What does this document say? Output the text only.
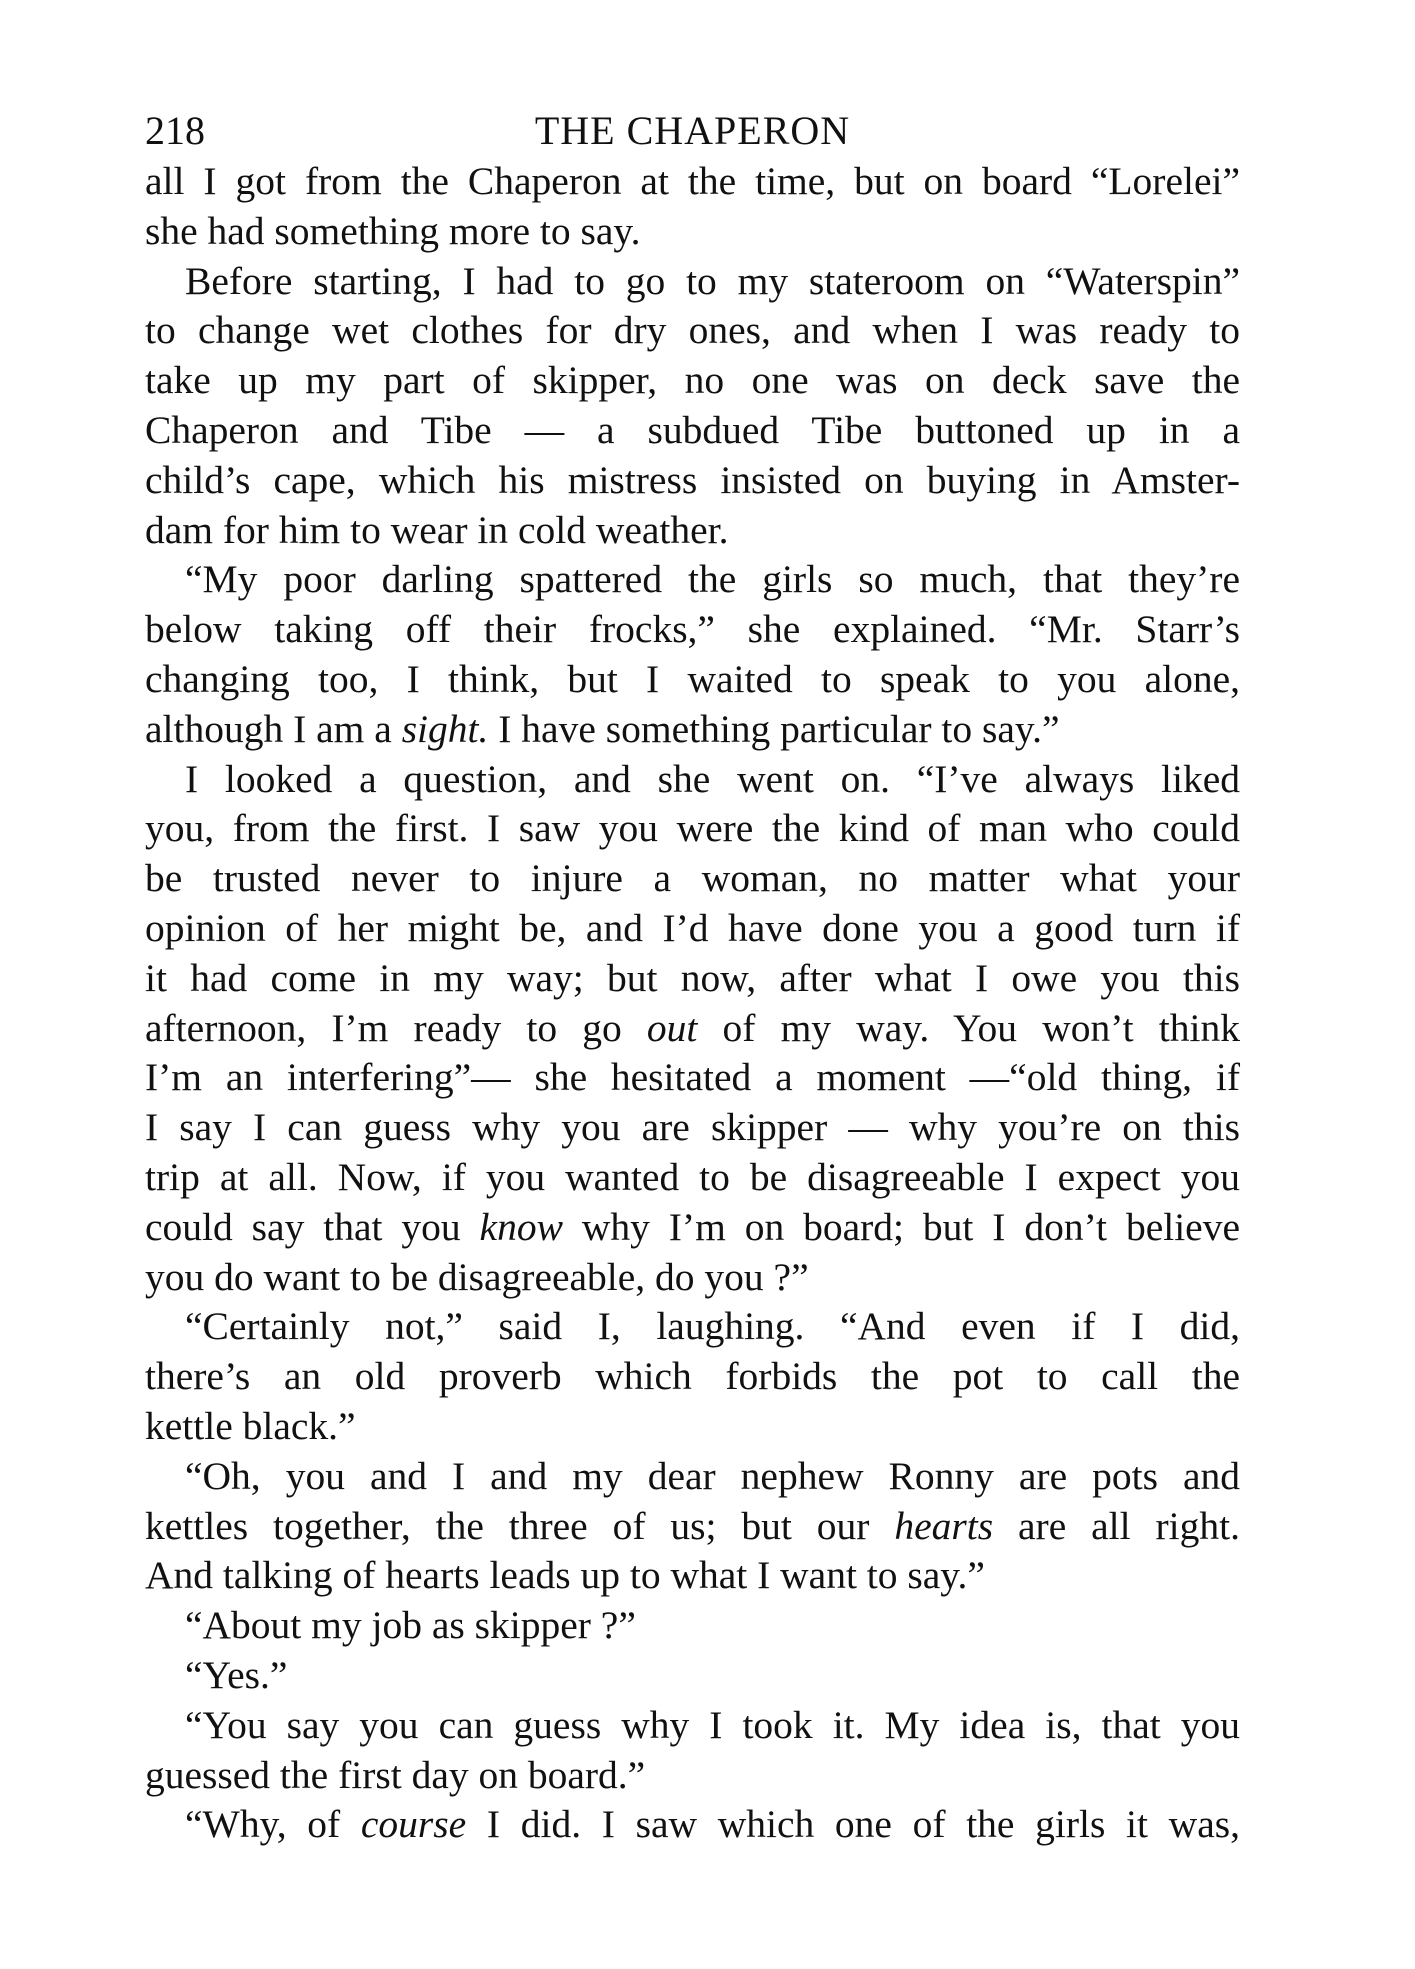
218	THE CHAPERON
all I got from the Chaperon at the time, but on board “Lorelei”
she had something more to say.
Before starting, I had to go to my stateroom on “Waterspin”
to change wet clothes for dry ones, and when I was ready to
take up my part of skipper, no one was on deck save the
Chaperon and Tibe — a subdued Tibe buttoned up in a
child’s cape, which his mistress insisted on buying in Amster-
dam for him to wear in cold weather.
“My poor darling spattered the girls so much, that they’re
below taking off their frocks,” she explained. “Mr. Starr’s
changing too, I think, but I waited to speak to you alone,
although I am a sight. I have something particular to say.”
I looked a question, and she went on. “I’ve always liked
you, from the first. I saw you were the kind of man who could
be trusted never to injure a woman, no matter what your
opinion of her might be, and I’d have done you a good turn if
it had come in my way; but now, after what I owe you this
afternoon, I’m ready to go out of my way. You won’t think
I’m an interfering”— she hesitated a moment —“old thing, if
I say I can guess why you are skipper — why you’re on this
trip at all. Now, if you wanted to be disagreeable I expect you
could say that you know why I’m on board; but I don’t believe
you do want to be disagreeable, do you ?”
“Certainly not,” said I, laughing. “And even if I did,
there’s an old proverb which forbids the pot to call the
kettle black.”
“Oh, you and I and my dear nephew Ronny are pots and
kettles together, the three of us; but our hearts are all right.
And talking of hearts leads up to what I want to say.”
“About my job as skipper ?”
“Yes.”
“You say you can guess why I took it. My idea is, that you
guessed the first day on board.”
“Why, of course I did. I saw which one of the girls it was,
